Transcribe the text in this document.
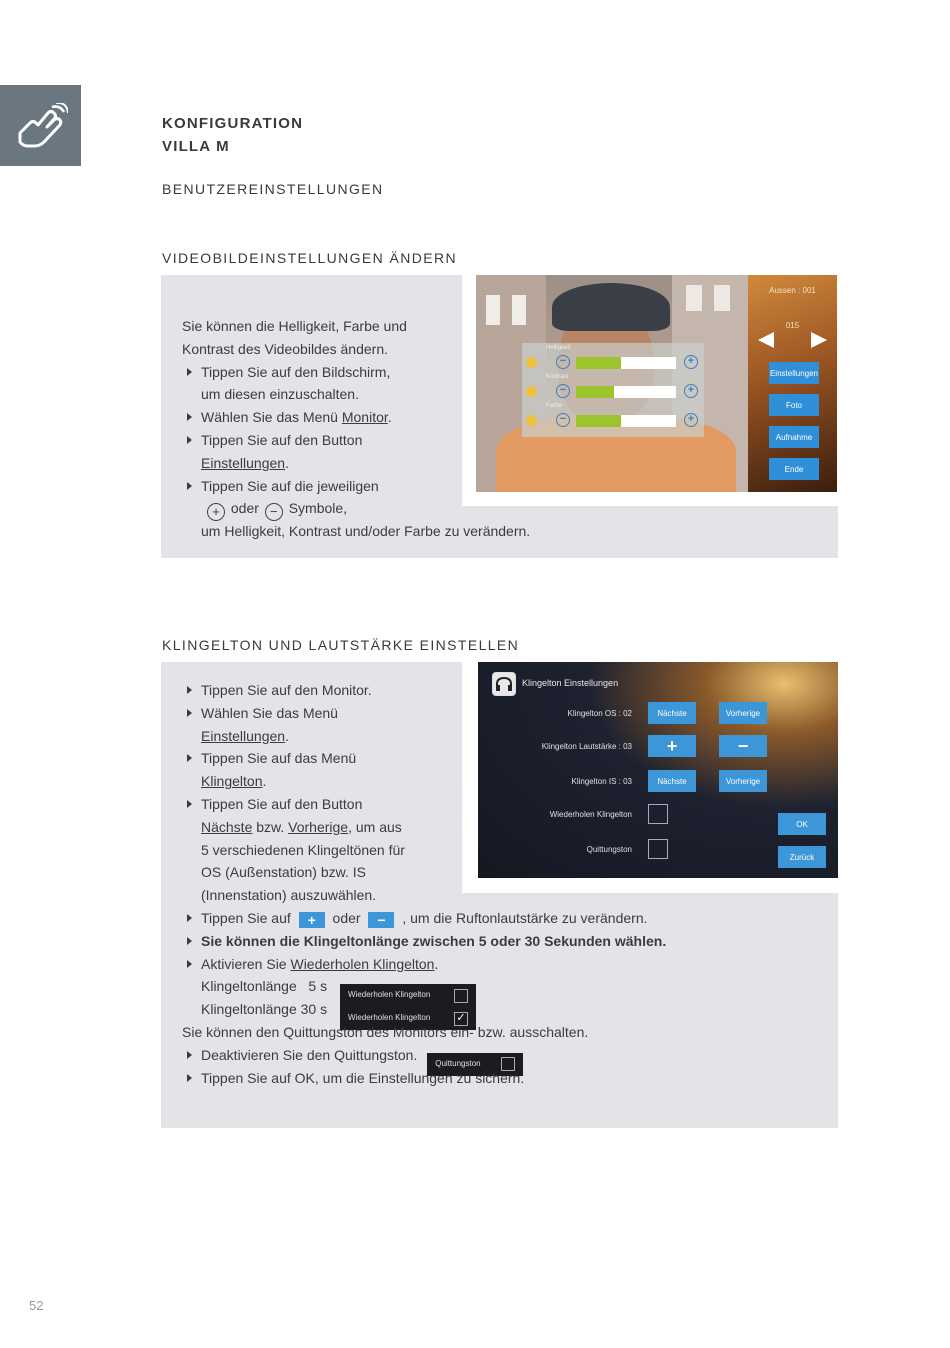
KONFIGURATION
VILLA M
BENUTZEREINSTELLUNGEN
VIDEOBILDEINSTELLUNGEN ÄNDERN
Sie können die Helligkeit, Farbe und
Kontrast des Videobildes ändern.
Tippen Sie auf den Bildschirm,
um diesen einzuschalten.
Wählen Sie das Menü Monitor.
Tippen Sie auf den Button
Einstellungen.
Tippen Sie auf die jeweiligen
+ oder − Symbole,
um Helligkeit, Kontrast und/oder Farbe zu verändern.
Helligkeit
−	+
Kontrast
−	+
Farbe
−	+
Aussen : 001
015
Einstellungen
Foto
Aufnahme
Ende
KLINGELTON UND LAUTSTÄRKE EINSTELLEN
Tippen Sie auf den Monitor.
Wählen Sie das Menü
Einstellungen.
Tippen Sie auf das Menü
Klingelton.
Tippen Sie auf den Button
Nächste bzw. Vorherige, um aus
5 verschiedenen Klingeltönen für
OS (Außenstation) bzw. IS
(Innenstation) auszuwählen.
Tippen Sie auf + oder − , um die Ruftonlautstärke zu verändern.
Sie können die Klingeltonlänge zwischen 5 oder 30 Sekunden wählen.
Aktivieren Sie Wiederholen Klingelton.
Klingeltonlänge   5 s
Wiederholen Klingelton
Klingeltonlänge 30 s
Wiederholen Klingelton ✓
Sie können den Quittungston des Monitors ein- bzw. ausschalten.
Deaktivieren Sie den Quittungston.
Quittungston
Tippen Sie auf OK, um die Einstellungen zu sichern.
Klingelton Einstellungen
Klingelton OS : 02	Nächste	Vorherige
Klingelton Lautstärke : 03	+	−
Klingelton IS : 03	Nächste	Vorherige
Wiederholen Klingelton
Quittungston
OK
Zurück
52
